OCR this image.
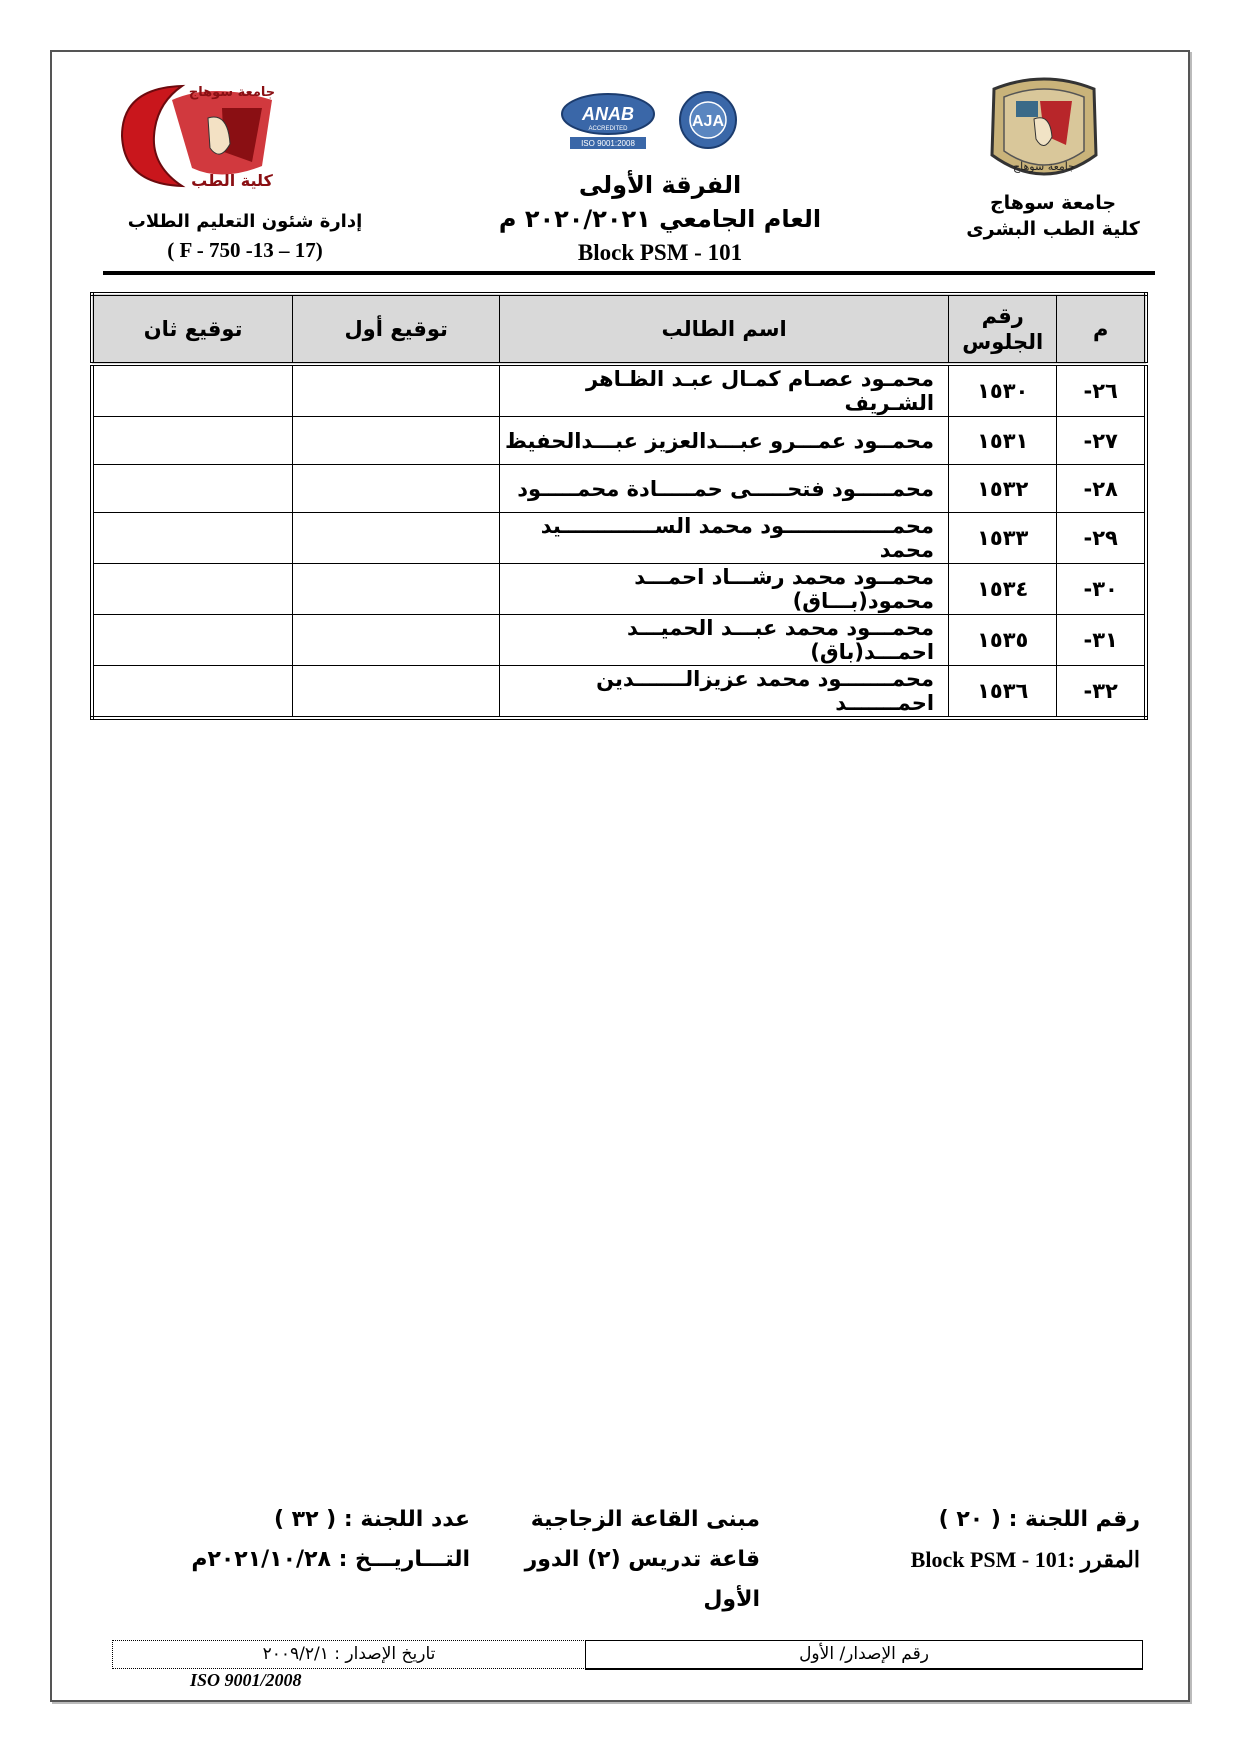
جامعة سوهاج
ANAB
ACCREDITED
ISO 9001:2008
AJA
جامعة سوهاج
كلية الطب
جامعة سوهاج
كلية الطب البشرى
الفرقة الأولى
العام الجامعي ٢٠٢٠/٢٠٢١ م
Block PSM - 101
إدارة شئون التعليم الطلاب
( F - 750 -13 – 17)
م	رقم الجلوس	اسم الطالب	توقيع أول	توقيع ثان
٢٦-	١٥٣٠	محمـود عصـام كمـال عبـد الظـاهر الشـريف		
٢٧-	١٥٣١	محمــود عمـــرو عبـــدالعزيز عبـــدالحفيظ		
٢٨-	١٥٣٢	محمـــــود فتحـــــى حمـــــادة محمـــــود		
٢٩-	١٥٣٣	محمـــــــــــــــود محمد الســـــــــــــيد محمد		
٣٠-	١٥٣٤	محمــود محمد رشـــاد احمـــد محمود(بـــاق)		
٣١-	١٥٣٥	محمـــود محمد عبـــد الحميـــد احمـــد(باق)		
٣٢-	١٥٣٦	محمـــــــود محمد عزيزالـــــــدين احمـــــــد		
رقم اللجنة : ( ٢٠ )
المقرر :Block PSM - 101
مبنى القاعة الزجاجية
قاعة تدريس (٢) الدور الأول
عدد اللجنة : ( ٣٢ )
التـــاريـــخ : ٢٠٢١/١٠/٢٨م
رقم الإصدار/ الأول
تاريخ الإصدار : ٢٠٠٩/٢/١
ISO 9001/2008
